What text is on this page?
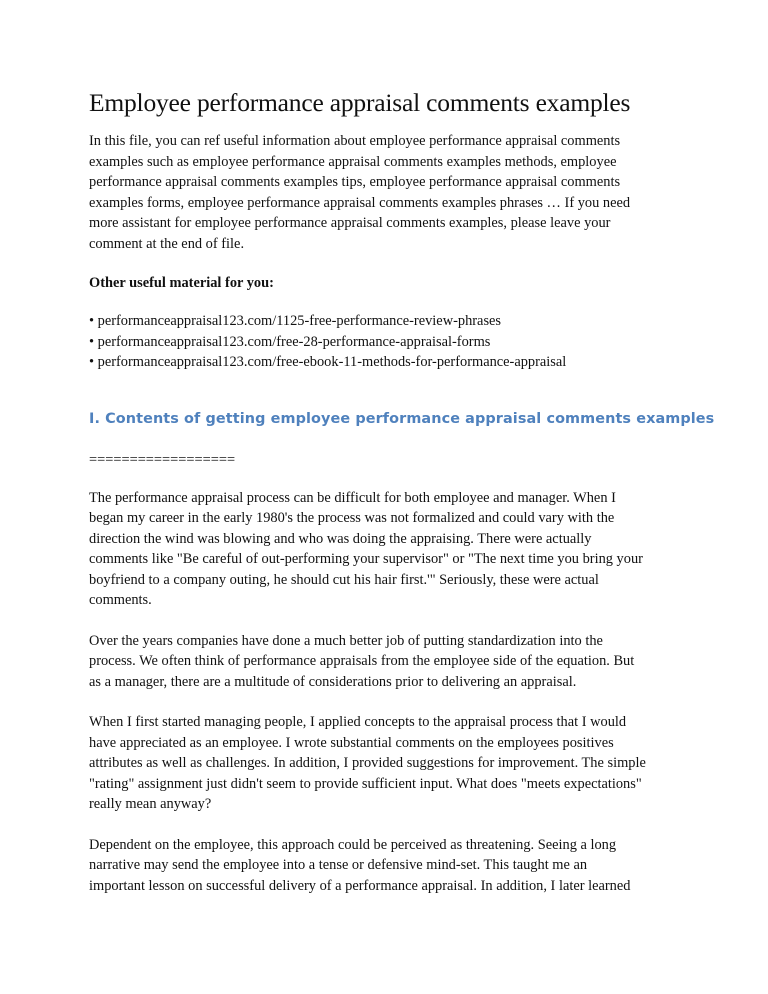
Employee performance appraisal comments examples

In this file, you can ref useful information about employee performance appraisal comments
examples such as employee performance appraisal comments examples methods, employee
performance appraisal comments examples tips, employee performance appraisal comments
examples forms, employee performance appraisal comments examples phrases … If you need
more assistant for employee performance appraisal comments examples, please leave your
comment at the end of file.

Other useful material for you:

• performanceappraisal123.com/1125-free-performance-review-phrases
• performanceappraisal123.com/free-28-performance-appraisal-forms
• performanceappraisal123.com/free-ebook-11-methods-for-performance-appraisal
I. Contents of getting employee performance appraisal comments examples
==================

The performance appraisal process can be difficult for both employee and manager. When I
began my career in the early 1980's the process was not formalized and could vary with the
direction the wind was blowing and who was doing the appraising. There were actually
comments like "Be careful of out-performing your supervisor" or "The next time you bring your
boyfriend to a company outing, he should cut his hair first.'" Seriously, these were actual
comments.

Over the years companies have done a much better job of putting standardization into the
process. We often think of performance appraisals from the employee side of the equation. But
as a manager, there are a multitude of considerations prior to delivering an appraisal.

When I first started managing people, I applied concepts to the appraisal process that I would
have appreciated as an employee. I wrote substantial comments on the employees positives
attributes as well as challenges. In addition, I provided suggestions for improvement. The simple
"rating" assignment just didn't seem to provide sufficient input. What does "meets expectations"
really mean anyway?

Dependent on the employee, this approach could be perceived as threatening. Seeing a long
narrative may send the employee into a tense or defensive mind-set. This taught me an
important lesson on successful delivery of a performance appraisal. In addition, I later learned
